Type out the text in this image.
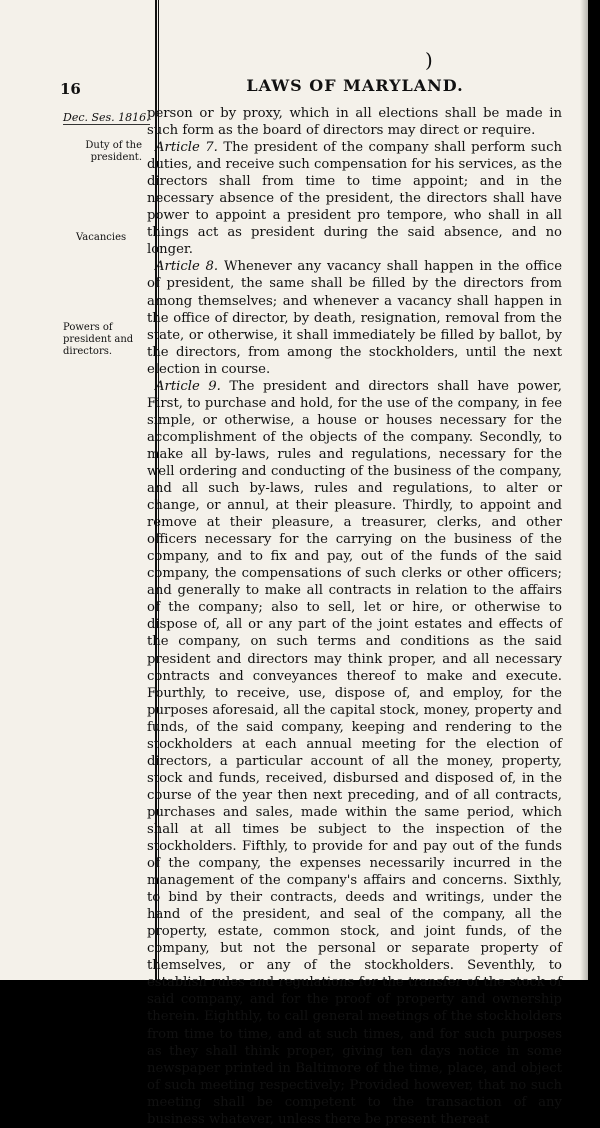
)
16	LAWS OF MARYLAND.
Dec. Ses. 1816.
Duty of the president.
Vacancies
Powers of president and directors.

person or by proxy, which in all elections shall be made in such form as the board of directors may direct or require.

Article 7. The president of the company shall perform such duties, and receive such compensation for his services, as the directors shall from time to time appoint; and in the necessary absence of the president, the directors shall have power to appoint a president pro tempore, who shall in all things act as president during the said absence, and no longer.

Article 8. Whenever any vacancy shall happen in the office of president, the same shall be filled by the directors from among themselves; and whenever a vacancy shall happen in the office of director, by death, resignation, removal from the state, or otherwise, it shall immediately be filled by ballot, by the directors, from among the stockholders, until the next election in course.

Article 9. The president and directors shall have power, First, to purchase and hold, for the use of the company, in fee simple, or otherwise, a house or houses necessary for the accomplishment of the objects of the company. Secondly, to make all by-laws, rules and regulations, necessary for the well ordering and conducting of the business of the company, and all such by-laws, rules and regulations, to alter or change, or annul, at their pleasure. Thirdly, to appoint and remove at their pleasure, a treasurer, clerks, and other officers necessary for the carrying on the business of the company, and to fix and pay, out of the funds of the said company, the compensations of such clerks or other officers; and generally to make all contracts in relation to the affairs of the company; also to sell, let or hire, or otherwise to dispose of, all or any part of the joint estates and effects of the company, on such terms and conditions as the said president and directors may think proper, and all necessary contracts and conveyances thereof to make and execute. Fourthly, to receive, use, dispose of, and employ, for the purposes aforesaid, all the capital stock, money, property and funds, of the said company, keeping and rendering to the stockholders at each annual meeting for the election of directors, a particular account of all the money, property, stock and funds, received, disbursed and disposed of, in the course of the year then next preceding, and of all contracts, purchases and sales, made within the same period, which shall at all times be subject to the inspection of the stockholders. Fifthly, to provide for and pay out of the funds of the company, the expenses necessarily incurred in the management of the company's affairs and concerns. Sixthly, to bind by their contracts, deeds and writings, under the hand of the president, and seal of the company, all the property, estate, common stock, and joint funds, of the company, but not the personal or separate property of themselves, or any of the stockholders. Seventhly, to establish rules and regulations for the transfer of the stock of said company, and for the proof of property and ownership therein. Eighthly, to call general meetings of the stockholders from time to time, and at such times, and for such purposes as they shall think proper, giving ten days notice in some newspaper printed in Baltimore of the time, place, and object of such meeting respectively; Provided however, that no such meeting shall be competent to the transaction of any business whatever, unless there be present thereat
